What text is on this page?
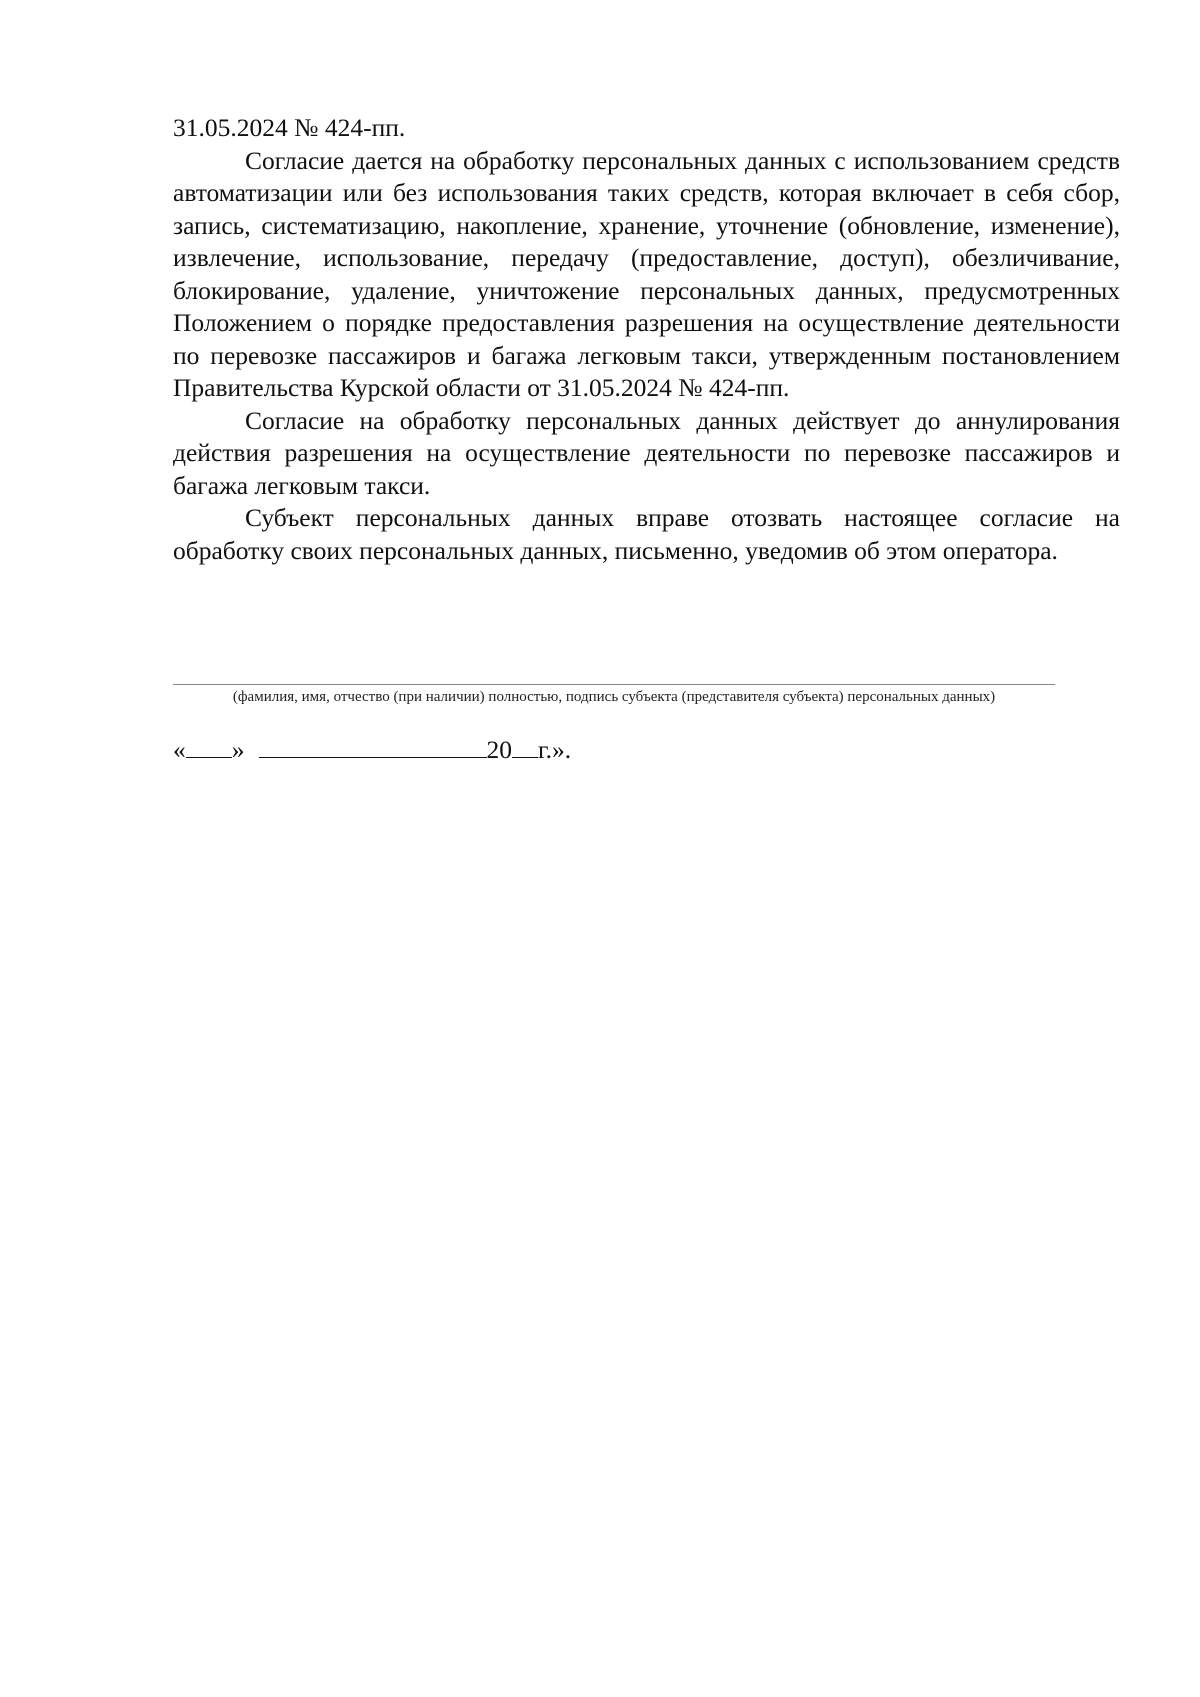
31.05.2024 № 424-пп.

Согласие дается на обработку персональных данных с использованием средств автоматизации или без использования таких средств, которая включает в себя сбор, запись, систематизацию, накопление, хранение, уточнение (обновление, изменение), извлечение, использование, передачу (предоставление, доступ), обезличивание, блокирование, удаление, уничтожение персональных данных, предусмотренных Положением о порядке предоставления разрешения на осуществление деятельности по перевозке пассажиров и багажа легковым такси, утвержденным постановлением Правительства Курской области от 31.05.2024 № 424-пп.

Согласие на обработку персональных данных действует до аннулирования действия разрешения на осуществление деятельности по перевозке пассажиров и багажа легковым такси.

Субъект персональных данных вправе отозвать настоящее согласие на обработку своих персональных данных, письменно, уведомив об этом оператора.

(фамилия, имя, отчество (при наличии) полностью, подпись субъекта (представителя субъекта) персональных данных)
« »	20 г.».
